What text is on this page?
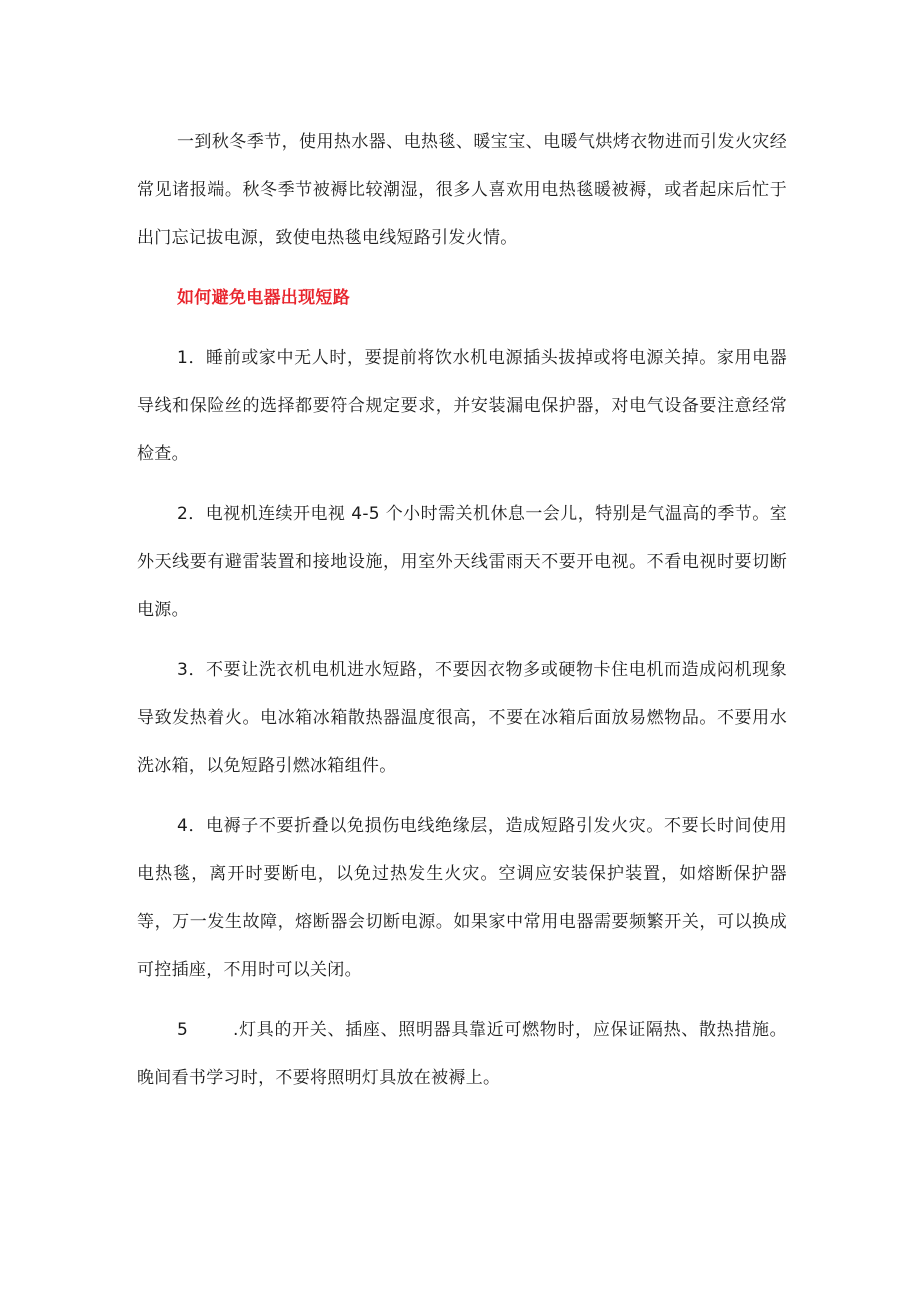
一到秋冬季节，使用热水器、电热毯、暖宝宝、电暖气烘烤衣物进而引发火灾经常见诸报端。秋冬季节被褥比较潮湿，很多人喜欢用电热毯暖被褥，或者起床后忙于出门忘记拔电源，致使电热毯电线短路引发火情。

如何避免电器出现短路

1．睡前或家中无人时，要提前将饮水机电源插头拔掉或将电源关掉。家用电器导线和保险丝的选择都要符合规定要求，并安装漏电保护器，对电气设备要注意经常检查。

2．电视机连续开电视 4-5 个小时需关机休息一会儿，特别是气温高的季节。室外天线要有避雷装置和接地设施，用室外天线雷雨天不要开电视。不看电视时要切断电源。

3．不要让洗衣机电机进水短路，不要因衣物多或硬物卡住电机而造成闷机现象导致发热着火。电冰箱冰箱散热器温度很高，不要在冰箱后面放易燃物品。不要用水洗冰箱，以免短路引燃冰箱组件。

4．电褥子不要折叠以免损伤电线绝缘层，造成短路引发火灾。不要长时间使用电热毯，离开时要断电，以免过热发生火灾。空调应安装保护装置，如熔断保护器等，万一发生故障，熔断器会切断电源。如果家中常用电器需要频繁开关，可以换成可控插座，不用时可以关闭。

5	.灯具的开关、插座、照明器具靠近可燃物时，应保证隔热、散热措施。晚间看书学习时，不要将照明灯具放在被褥上。
